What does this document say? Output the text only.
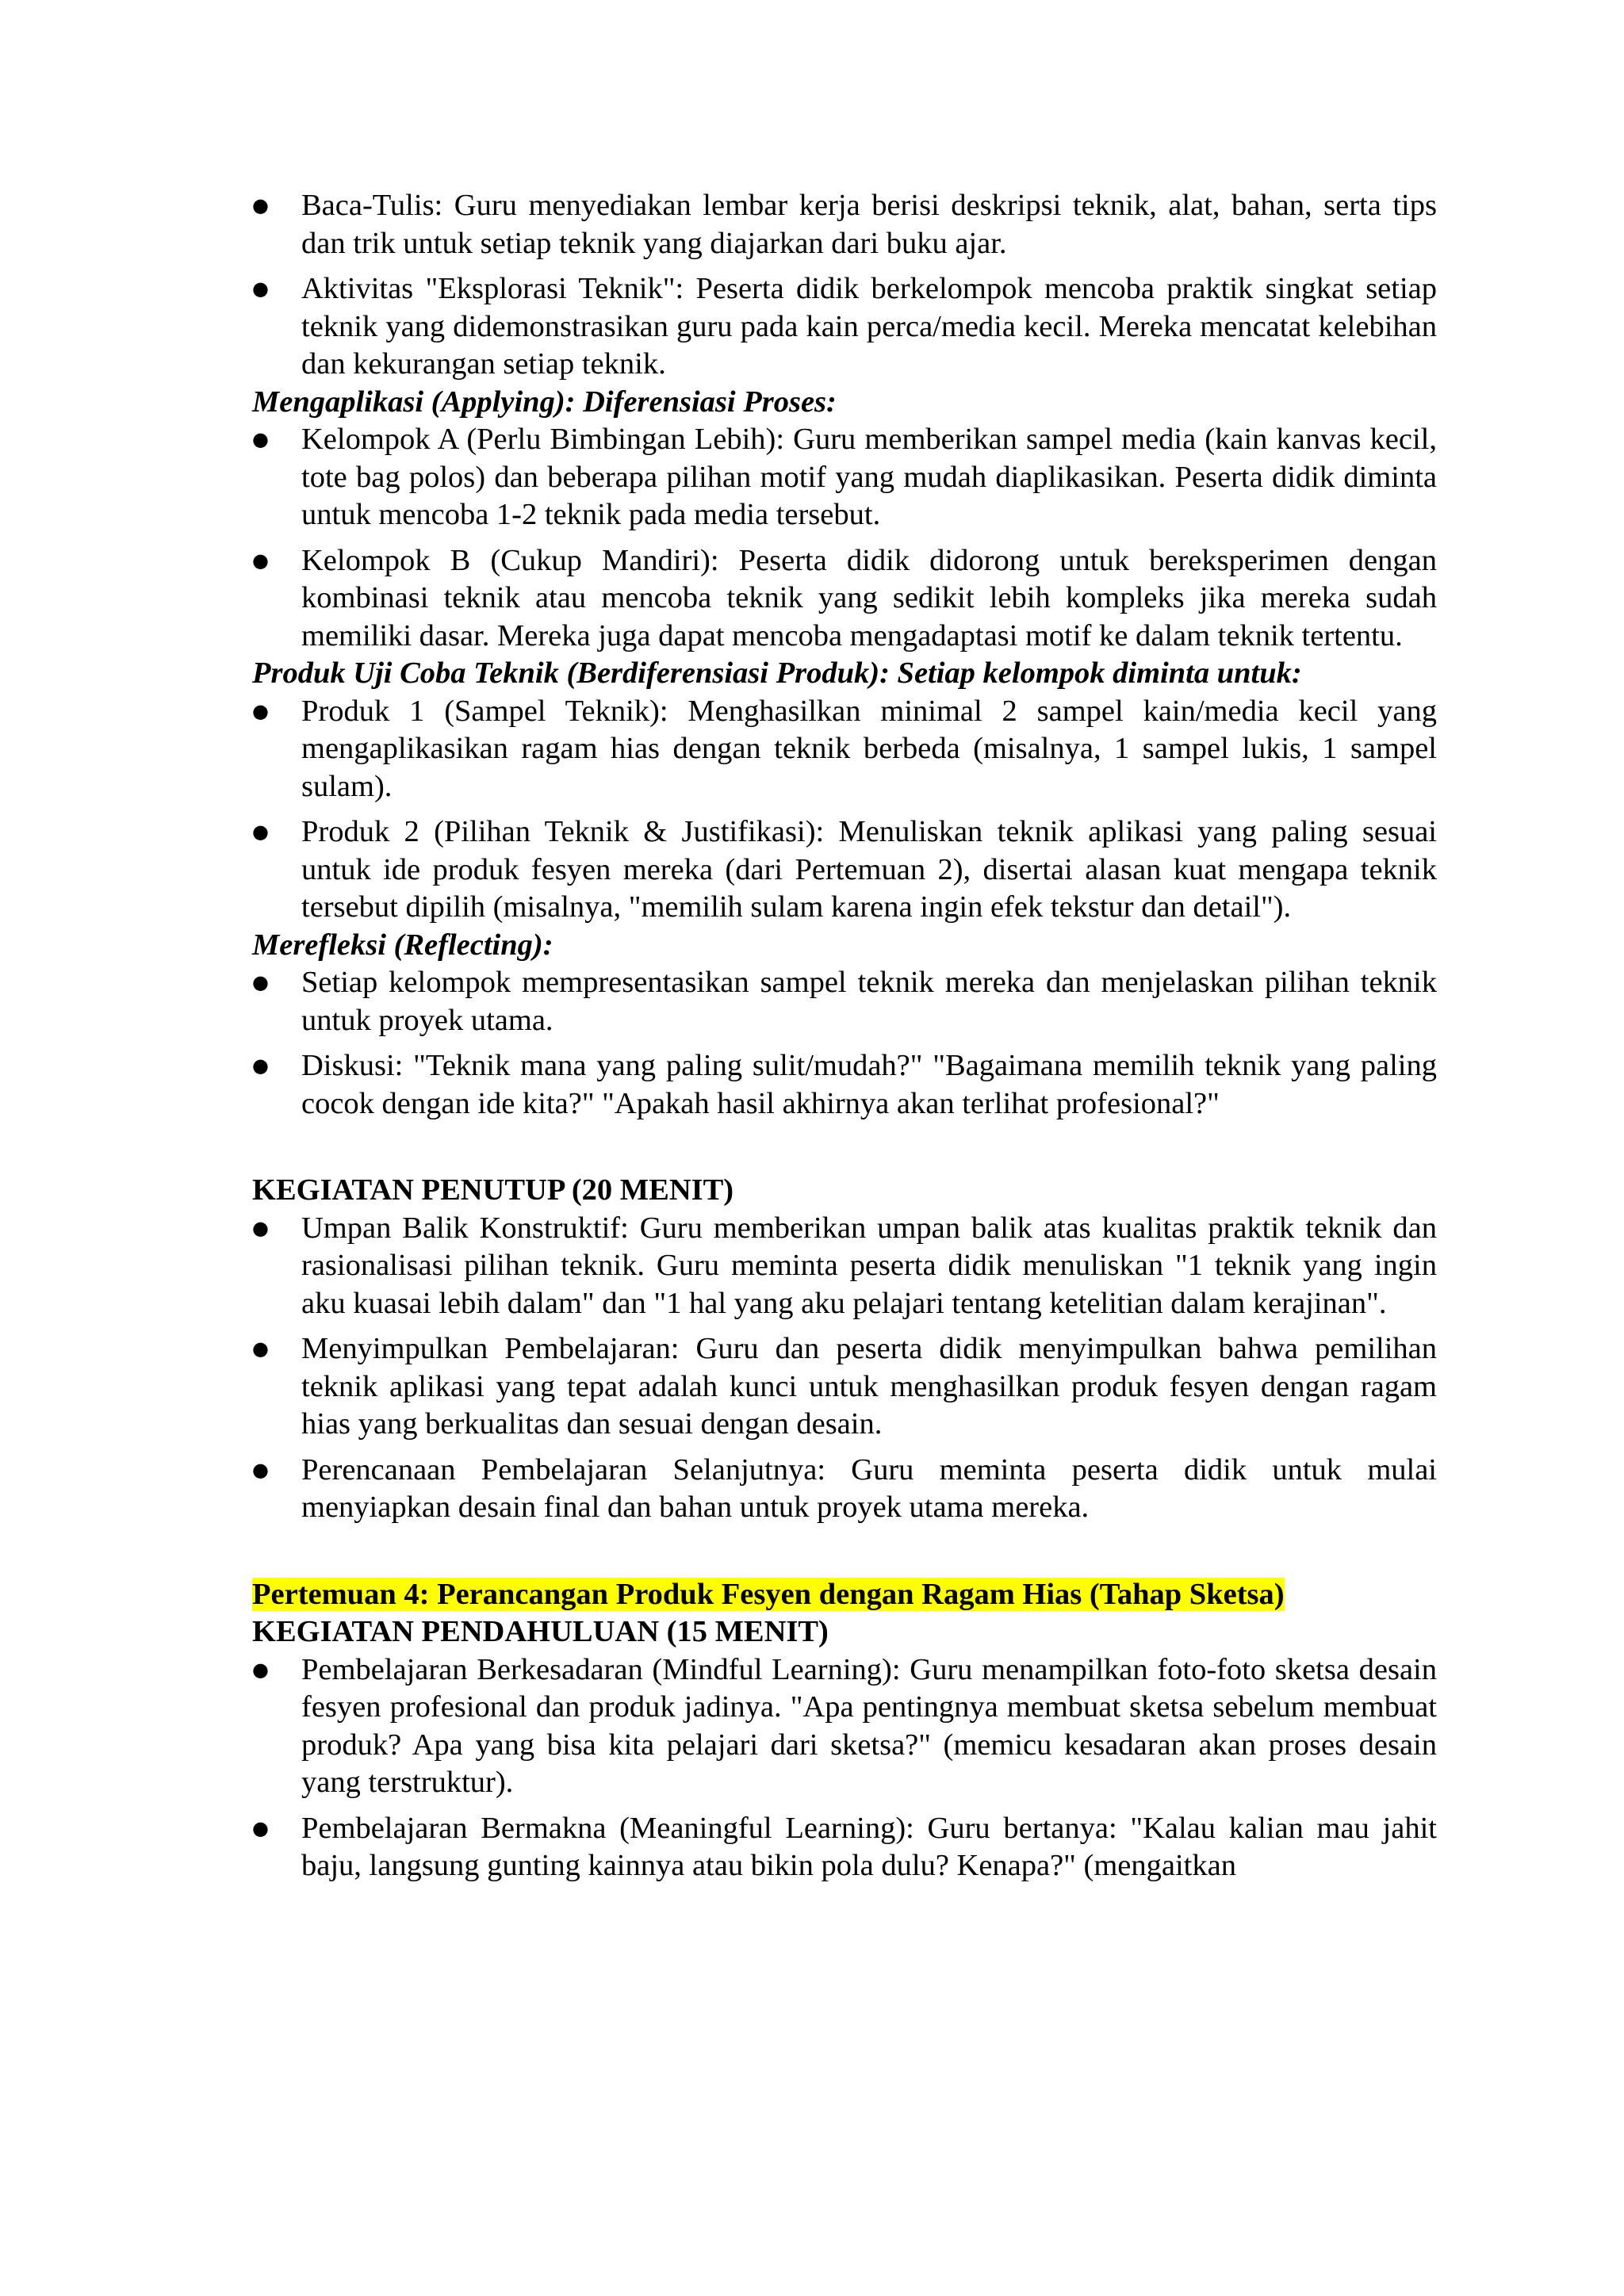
● Baca-Tulis: Guru menyediakan lembar kerja berisi deskripsi teknik, alat, bahan, serta tips dan trik untuk setiap teknik yang diajarkan dari buku ajar.
● Aktivitas "Eksplorasi Teknik": Peserta didik berkelompok mencoba praktik singkat setiap teknik yang didemonstrasikan guru pada kain perca/media kecil. Mereka mencatat kelebihan dan kekurangan setiap teknik.

Mengaplikasi (Applying): Diferensiasi Proses:

● Kelompok A (Perlu Bimbingan Lebih): Guru memberikan sampel media (kain kanvas kecil, tote bag polos) dan beberapa pilihan motif yang mudah diaplikasikan. Peserta didik diminta untuk mencoba 1-2 teknik pada media tersebut.
● Kelompok B (Cukup Mandiri): Peserta didik didorong untuk bereksperimen dengan kombinasi teknik atau mencoba teknik yang sedikit lebih kompleks jika mereka sudah memiliki dasar. Mereka juga dapat mencoba mengadaptasi motif ke dalam teknik tertentu.

Produk Uji Coba Teknik (Berdiferensiasi Produk): Setiap kelompok diminta untuk:

● Produk 1 (Sampel Teknik): Menghasilkan minimal 2 sampel kain/media kecil yang mengaplikasikan ragam hias dengan teknik berbeda (misalnya, 1 sampel lukis, 1 sampel sulam).
● Produk 2 (Pilihan Teknik & Justifikasi): Menuliskan teknik aplikasi yang paling sesuai untuk ide produk fesyen mereka (dari Pertemuan 2), disertai alasan kuat mengapa teknik tersebut dipilih (misalnya, "memilih sulam karena ingin efek tekstur dan detail").

Merefleksi (Reflecting):

● Setiap kelompok mempresentasikan sampel teknik mereka dan menjelaskan pilihan teknik untuk proyek utama.
● Diskusi: "Teknik mana yang paling sulit/mudah?" "Bagaimana memilih teknik yang paling cocok dengan ide kita?" "Apakah hasil akhirnya akan terlihat profesional?"

KEGIATAN PENUTUP (20 MENIT)

● Umpan Balik Konstruktif: Guru memberikan umpan balik atas kualitas praktik teknik dan rasionalisasi pilihan teknik. Guru meminta peserta didik menuliskan "1 teknik yang ingin aku kuasai lebih dalam" dan "1 hal yang aku pelajari tentang ketelitian dalam kerajinan".
● Menyimpulkan Pembelajaran: Guru dan peserta didik menyimpulkan bahwa pemilihan teknik aplikasi yang tepat adalah kunci untuk menghasilkan produk fesyen dengan ragam hias yang berkualitas dan sesuai dengan desain.
● Perencanaan Pembelajaran Selanjutnya: Guru meminta peserta didik untuk mulai menyiapkan desain final dan bahan untuk proyek utama mereka.

Pertemuan 4: Perancangan Produk Fesyen dengan Ragam Hias (Tahap Sketsa)

KEGIATAN PENDAHULUAN (15 MENIT)

● Pembelajaran Berkesadaran (Mindful Learning): Guru menampilkan foto-foto sketsa desain fesyen profesional dan produk jadinya. "Apa pentingnya membuat sketsa sebelum membuat produk? Apa yang bisa kita pelajari dari sketsa?" (memicu kesadaran akan proses desain yang terstruktur).
● Pembelajaran Bermakna (Meaningful Learning): Guru bertanya: "Kalau kalian mau jahit baju, langsung gunting kainnya atau bikin pola dulu? Kenapa?" (mengaitkan
